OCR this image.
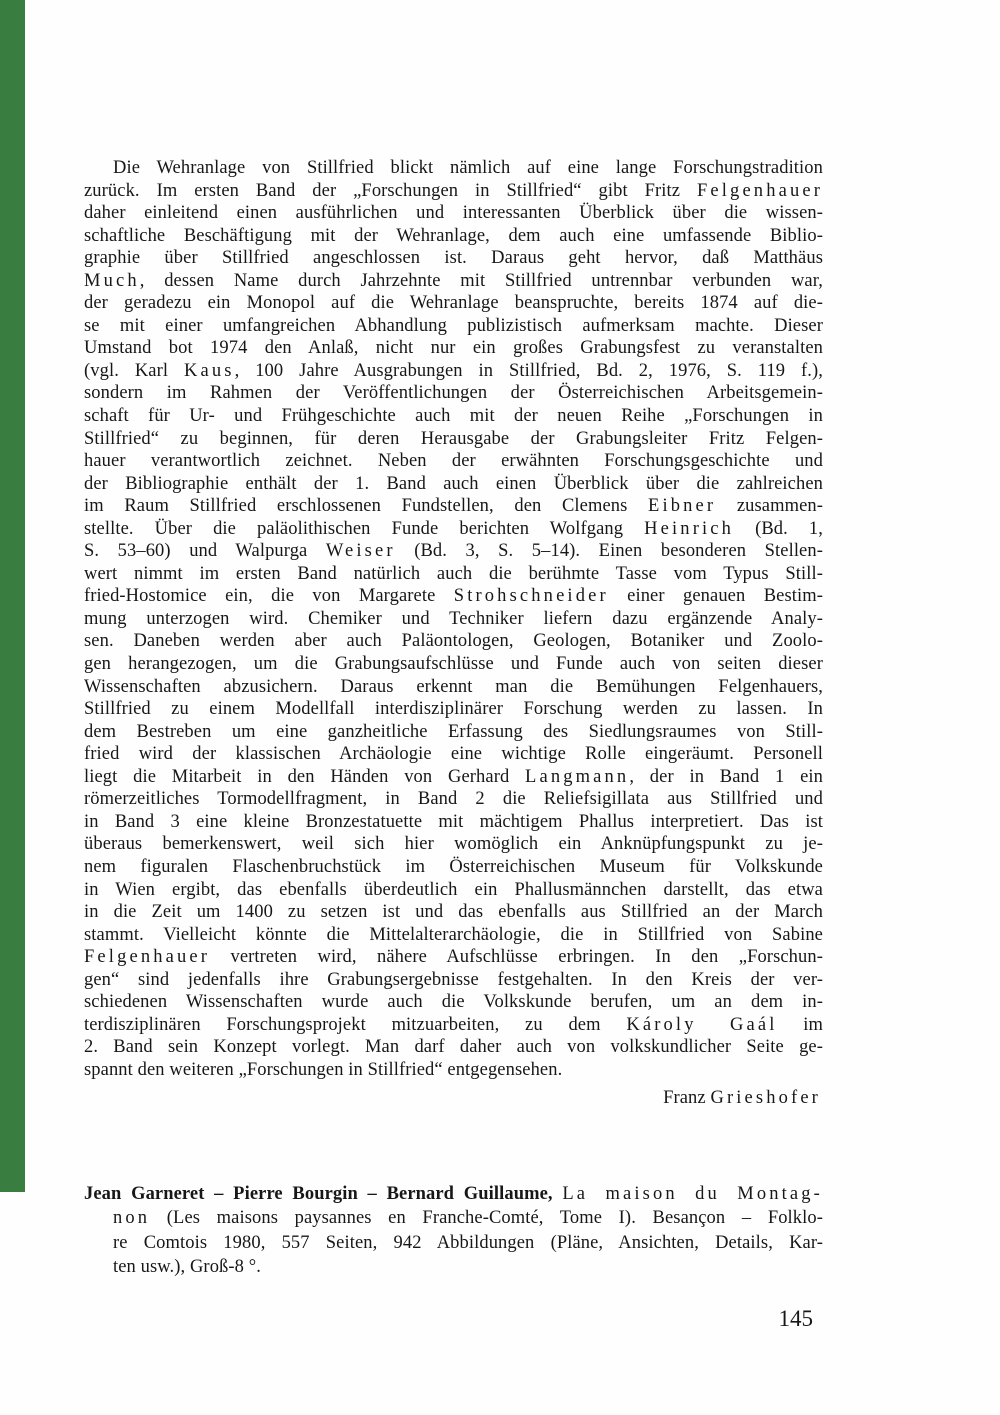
Die Wehranlage von Stillfried blickt nämlich auf eine lange Forschungstradition
zurück. Im ersten Band der „Forschungen in Stillfried“ gibt Fritz Felgenhauer
daher einleitend einen ausführlichen und interessanten Überblick über die wissen-
schaftliche Beschäftigung mit der Wehranlage, dem auch eine umfassende Biblio-
graphie über Stillfried angeschlossen ist. Daraus geht hervor, daß Matthäus
Much, dessen Name durch Jahrzehnte mit Stillfried untrennbar verbunden war,
der geradezu ein Monopol auf die Wehranlage beanspruchte, bereits 1874 auf die-
se mit einer umfangreichen Abhandlung publizistisch aufmerksam machte. Dieser
Umstand bot 1974 den Anlaß, nicht nur ein großes Grabungsfest zu veranstalten
(vgl. Karl Kaus, 100 Jahre Ausgrabungen in Stillfried, Bd. 2, 1976, S. 119 f.),
sondern im Rahmen der Veröffentlichungen der Österreichischen Arbeitsgemein-
schaft für Ur- und Frühgeschichte auch mit der neuen Reihe „Forschungen in
Stillfried“ zu beginnen, für deren Herausgabe der Grabungsleiter Fritz Felgen-
hauer verantwortlich zeichnet. Neben der erwähnten Forschungsgeschichte und
der Bibliographie enthält der 1. Band auch einen Überblick über die zahlreichen
im Raum Stillfried erschlossenen Fundstellen, den Clemens Eibner zusammen-
stellte. Über die paläolithischen Funde berichten Wolfgang Heinrich (Bd. 1,
S. 53–60) und Walpurga Weiser (Bd. 3, S. 5–14). Einen besonderen Stellen-
wert nimmt im ersten Band natürlich auch die berühmte Tasse vom Typus Still-
fried-Hostomice ein, die von Margarete Strohschneider einer genauen Bestim-
mung unterzogen wird. Chemiker und Techniker liefern dazu ergänzende Analy-
sen. Daneben werden aber auch Paläontologen, Geologen, Botaniker und Zoolo-
gen herangezogen, um die Grabungsaufschlüsse und Funde auch von seiten dieser
Wissenschaften abzusichern. Daraus erkennt man die Bemühungen Felgenhauers,
Stillfried zu einem Modellfall interdisziplinärer Forschung werden zu lassen. In
dem Bestreben um eine ganzheitliche Erfassung des Siedlungsraumes von Still-
fried wird der klassischen Archäologie eine wichtige Rolle eingeräumt. Personell
liegt die Mitarbeit in den Händen von Gerhard Langmann, der in Band 1 ein
römerzeitliches Tormodellfragment, in Band 2 die Reliefsigillata aus Stillfried und
in Band 3 eine kleine Bronzestatuette mit mächtigem Phallus interpretiert. Das ist
überaus bemerkenswert, weil sich hier womöglich ein Anknüpfungspunkt zu je-
nem figuralen Flaschenbruchstück im Österreichischen Museum für Volkskunde
in Wien ergibt, das ebenfalls überdeutlich ein Phallusmännchen darstellt, das etwa
in die Zeit um 1400 zu setzen ist und das ebenfalls aus Stillfried an der March
stammt. Vielleicht könnte die Mittelalterarchäologie, die in Stillfried von Sabine
Felgenhauer vertreten wird, nähere Aufschlüsse erbringen. In den „Forschun-
gen“ sind jedenfalls ihre Grabungsergebnisse festgehalten. In den Kreis der ver-
schiedenen Wissenschaften wurde auch die Volkskunde berufen, um an dem in-
terdisziplinären Forschungsprojekt mitzuarbeiten, zu dem Károly Gaál im
2. Band sein Konzept vorlegt. Man darf daher auch von volkskundlicher Seite ge-
spannt den weiteren „Forschungen in Stillfried“ entgegensehen.
Franz Grieshofer
Jean Garneret – Pierre Bourgin – Bernard Guillaume, La maison du Montag-
non (Les maisons paysannes en Franche-Comté, Tome I). Besançon – Folklo-
re Comtois 1980, 557 Seiten, 942 Abbildungen (Pläne, Ansichten, Details, Kar-
ten usw.), Groß-8 °.
145
